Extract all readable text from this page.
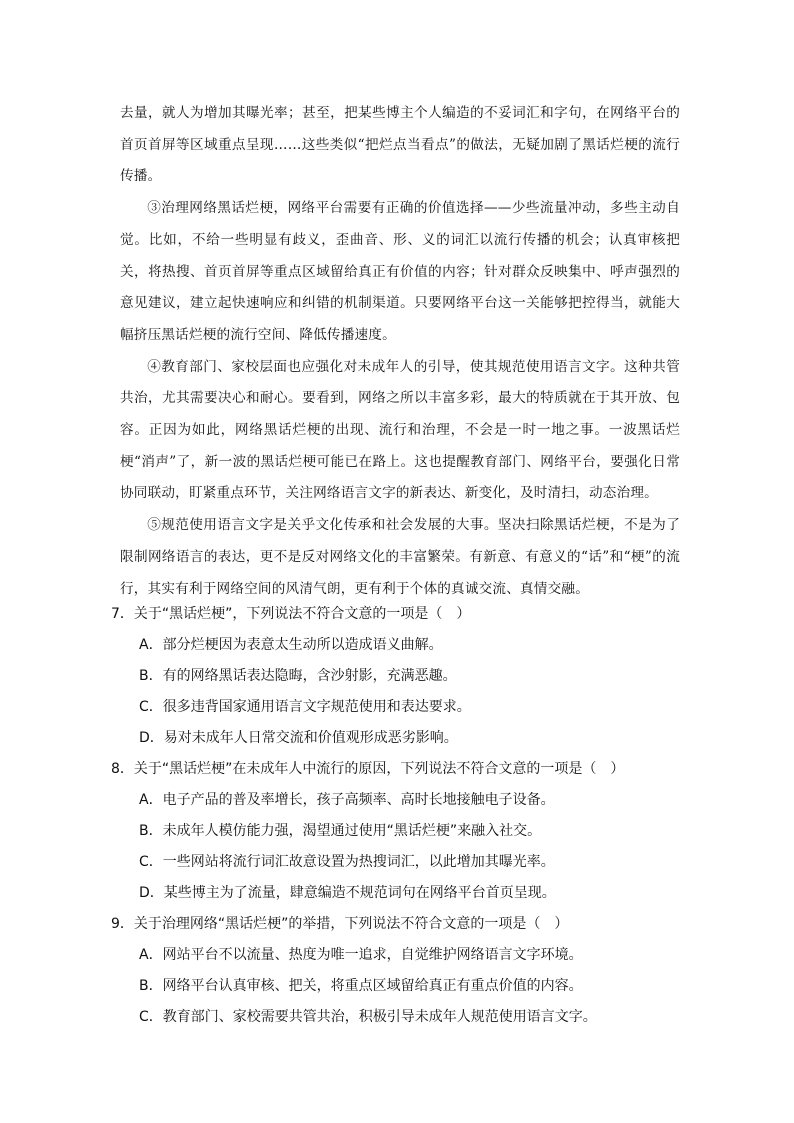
去量，就人为增加其曝光率；甚至，把某些博主个人编造的不妥词汇和字句，在网络平台的首页首屏等区域重点呈现……这些类似“把烂点当看点”的做法，无疑加剧了黑话烂梗的流行传播。

③治理网络黑话烂梗，网络平台需要有正确的价值选择——少些流量冲动，多些主动自觉。比如，不给一些明显有歧义，歪曲音、形、义的词汇以流行传播的机会；认真审核把关，将热搜、首页首屏等重点区域留给真正有价值的内容；针对群众反映集中、呼声强烈的意见建议，建立起快速响应和纠错的机制渠道。只要网络平台这一关能够把控得当，就能大幅挤压黑话烂梗的流行空间、降低传播速度。

④教育部门、家校层面也应强化对未成年人的引导，使其规范使用语言文字。这种共管共治，尤其需要决心和耐心。要看到，网络之所以丰富多彩，最大的特质就在于其开放、包容。正因为如此，网络黑话烂梗的出现、流行和治理，不会是一时一地之事。一波黑话烂梗“消声”了，新一波的黑话烂梗可能已在路上。这也提醒教育部门、网络平台，要强化日常协同联动，盯紧重点环节，关注网络语言文字的新表达、新变化，及时清扫，动态治理。

⑤规范使用语言文字是关乎文化传承和社会发展的大事。坚决扫除黑话烂梗，不是为了限制网络语言的表达，更不是反对网络文化的丰富繁荣。有新意、有意义的“话”和“梗”的流行，其实有利于网络空间的风清气朗，更有利于个体的真诚交流、真情交融。

7．关于“黑话烂梗”，下列说法不符合文意的一项是（　）

A．部分烂梗因为表意太生动所以造成语义曲解。

B．有的网络黑话表达隐晦，含沙射影，充满恶趣。

C．很多违背国家通用语言文字规范使用和表达要求。

D．易对未成年人日常交流和价值观形成恶劣影响。

8．关于“黑话烂梗”在未成年人中流行的原因，下列说法不符合文意的一项是（　）

A．电子产品的普及率增长，孩子高频率、高时长地接触电子设备。

B．未成年人模仿能力强，渴望通过使用“黑话烂梗”来融入社交。

C．一些网站将流行词汇故意设置为热搜词汇，以此增加其曝光率。

D．某些博主为了流量，肆意编造不规范词句在网络平台首页呈现。

9．关于治理网络“黑话烂梗”的举措，下列说法不符合文意的一项是（　）

A．网站平台不以流量、热度为唯一追求，自觉维护网络语言文字环境。

B．网络平台认真审核、把关，将重点区域留给真正有重点价值的内容。

C．教育部门、家校需要共管共治，积极引导未成年人规范使用语言文字。
